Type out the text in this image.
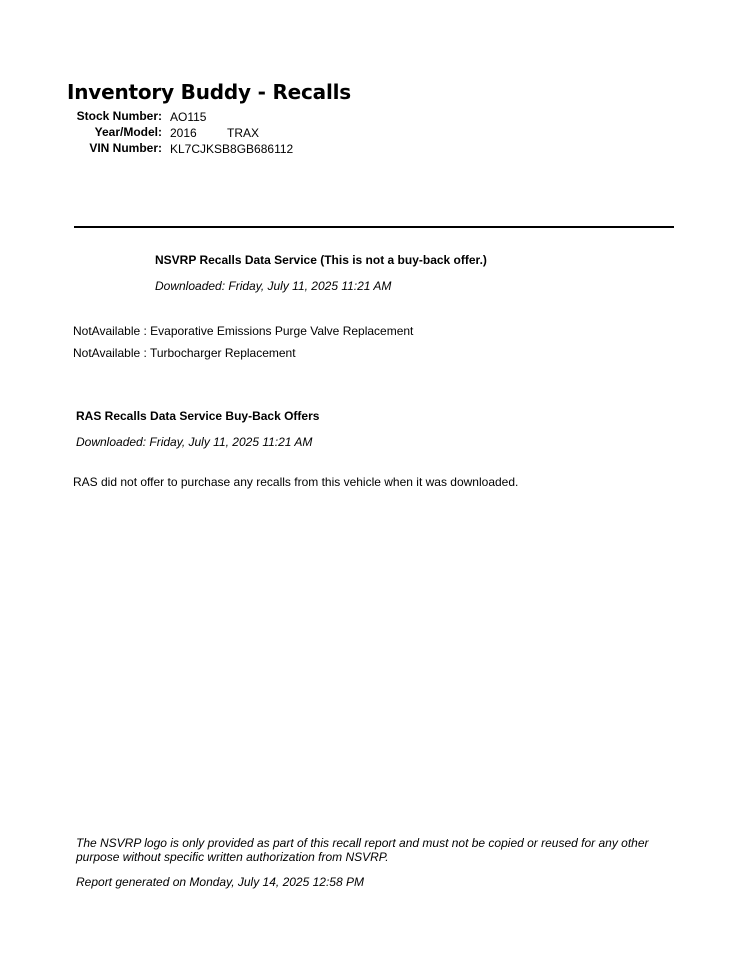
Inventory Buddy - Recalls
Stock Number: AO115
Year/Model: 2016	TRAX
VIN Number: KL7CJKSB8GB686112
NSVRP Recalls Data Service (This is not a buy-back offer.)
Downloaded: Friday, July 11, 2025 11:21 AM
NotAvailable : Evaporative Emissions Purge Valve Replacement
NotAvailable : Turbocharger Replacement
RAS Recalls Data Service Buy-Back Offers
Downloaded: Friday, July 11, 2025 11:21 AM
RAS did not offer to purchase any recalls from this vehicle when it was downloaded.
The NSVRP logo is only provided as part of this recall report and must not be copied or reused for any other purpose without specific written authorization from NSVRP.
Report generated on Monday, July 14, 2025 12:58 PM
